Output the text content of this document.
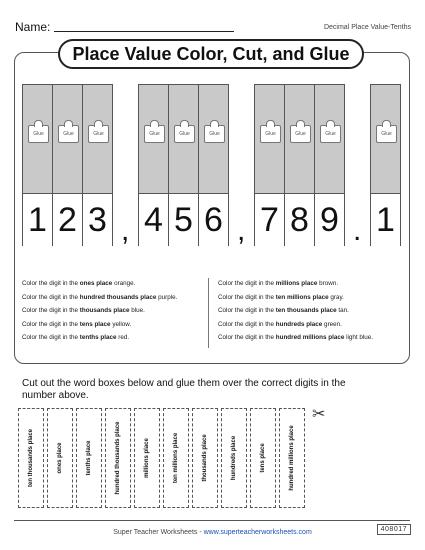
Name:	Decimal Place Value-Tenths
Place Value Color, Cut, and Glue
Glue
1
Glue
2
Glue
3 ,
Glue
4
Glue
5
Glue
6 ,
Glue
7
Glue
8
Glue
9 .
Glue
1
Color the digit in the ones place orange.
Color the digit in the hundred thousands place purple.
Color the digit in the thousands place blue.
Color the digit in the tens place yellow.
Color the digit in the tenths place red.
Color the digit in the millions place brown.
Color the digit in the ten millions place gray.
Color the digit in the ten thousands place tan.
Color the digit in the hundreds place green.
Color the digit in the hundred millions place light blue.
Cut out the word boxes below and glue them over the correct digits in the number above.
ten thousands place	ones place	tenths place	hundred thousands place	millions place	ten millions place	thousands place	hundreds place	tens place	hundred millions place
✂
Super Teacher Worksheets - www.superteacherworksheets.com	408017
